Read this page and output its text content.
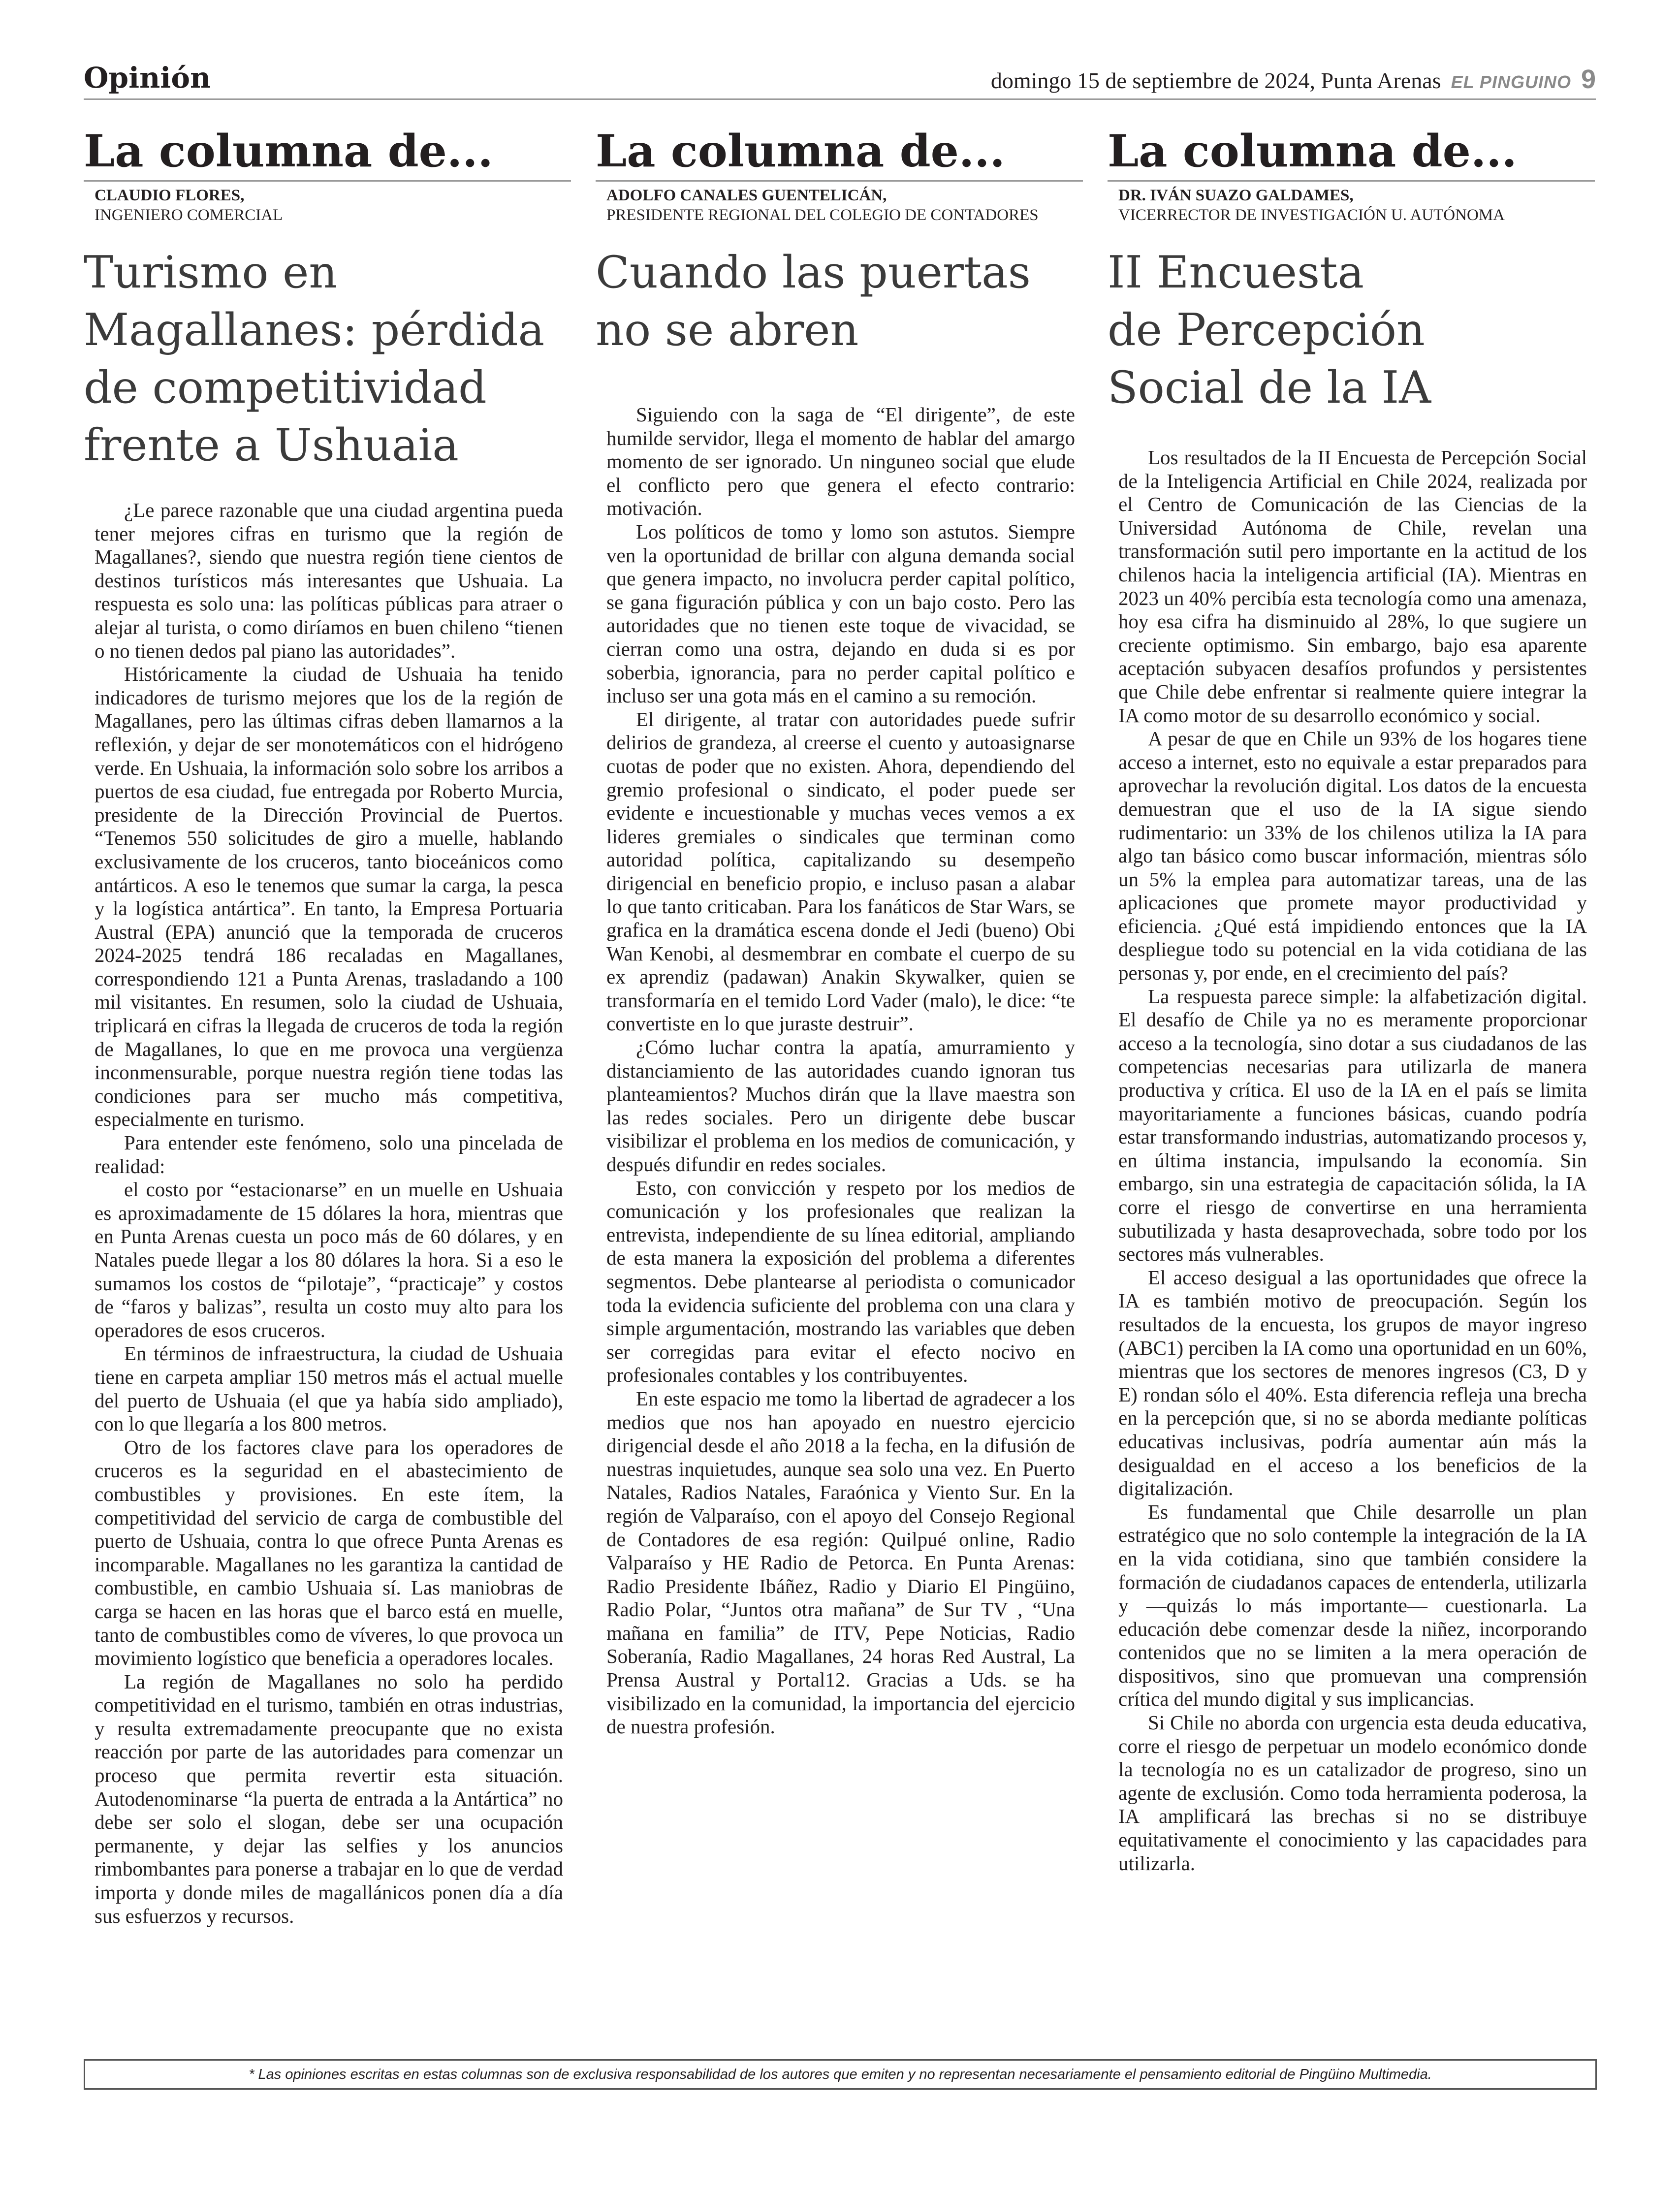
Opinión	domingo 15 de septiembre de 2024, Punta Arenas EL PINGUINO 9
La columna de...
CLAUDIO FLORES,
INGENIERO COMERCIAL
Turismo en
Magallanes: pérdida
de competitividad
frente a Ushuaia

¿Le parece razonable que una ciudad argentina pueda tener mejores cifras en turismo que la región de Magallanes?, siendo que nuestra región tiene cientos de destinos turísticos más interesantes que Ushuaia. La respuesta es solo una: las políticas públicas para atraer o alejar al turista, o como diríamos en buen chileno “tienen o no tienen dedos pal piano las autoridades”.

Históricamente la ciudad de Ushuaia ha tenido indicadores de turismo mejores que los de la región de Magallanes, pero las últimas cifras deben llamarnos a la reflexión, y dejar de ser monotemáticos con el hidrógeno verde. En Ushuaia, la información solo sobre los arribos a puertos de esa ciudad, fue entregada por Roberto Murcia, presidente de la Dirección Provincial de Puertos. “Tenemos 550 solicitudes de giro a muelle, hablando exclusivamente de los cruceros, tanto bioceánicos como antárticos. A eso le tenemos que sumar la carga, la pesca y la logística antártica”. En tanto, la Empresa Portuaria Austral (EPA) anunció que la temporada de cruceros 2024-2025 tendrá 186 recaladas en Magallanes, correspondiendo 121 a Punta Arenas, trasladando a 100 mil visitantes. En resumen, solo la ciudad de Ushuaia, triplicará en cifras la llegada de cruceros de toda la región de Magallanes, lo que en me provoca una vergüenza inconmensurable, porque nuestra región tiene todas las condiciones para ser mucho más competitiva, especialmente en turismo.

Para entender este fenómeno, solo una pincelada de realidad:

el costo por “estacionarse” en un muelle en Ushuaia es aproximadamente de 15 dólares la hora, mientras que en Punta Arenas cuesta un poco más de 60 dólares, y en Natales puede llegar a los 80 dólares la hora. Si a eso le sumamos los costos de “pilotaje”, “practicaje” y costos de “faros y balizas”, resulta un costo muy alto para los operadores de esos cruceros.

En términos de infraestructura, la ciudad de Ushuaia tiene en carpeta ampliar 150 metros más el actual muelle del puerto de Ushuaia (el que ya había sido ampliado), con lo que llegaría a los 800 metros.

Otro de los factores clave para los operadores de cruceros es la seguridad en el abastecimiento de combustibles y provisiones. En este ítem, la competitividad del servicio de carga de combustible del puerto de Ushuaia, contra lo que ofrece Punta Arenas es incomparable. Magallanes no les garantiza la cantidad de combustible, en cambio Ushuaia sí. Las maniobras de carga se hacen en las horas que el barco está en muelle, tanto de combustibles como de víveres, lo que provoca un movimiento logístico que beneficia a operadores locales.

La región de Magallanes no solo ha perdido competitividad en el turismo, también en otras industrias, y resulta extremadamente preocupante que no exista reacción por parte de las autoridades para comenzar un proceso que permita revertir esta situación. Autodenominarse “la puerta de entrada a la Antártica” no debe ser solo el slogan, debe ser una ocupación permanente, y dejar las selfies y los anuncios rimbombantes para ponerse a trabajar en lo que de verdad importa y donde miles de magallánicos ponen día a día sus esfuerzos y recursos.

La columna de...
ADOLFO CANALES GUENTELICÁN,
PRESIDENTE REGIONAL DEL COLEGIO DE CONTADORES
Cuando las puertas
no se abren

Siguiendo con la saga de “El dirigente”, de este humilde servidor, llega el momento de hablar del amargo momento de ser ignorado. Un ninguneo social que elude el conflicto pero que genera el efecto contrario: motivación.

Los políticos de tomo y lomo son astutos. Siempre ven la oportunidad de brillar con alguna demanda social que genera impacto, no involucra perder capital político, se gana figuración pública y con un bajo costo. Pero las autoridades que no tienen este toque de vivacidad, se cierran como una ostra, dejando en duda si es por soberbia, ignorancia, para no perder capital político e incluso ser una gota más en el camino a su remoción.

El dirigente, al tratar con autoridades puede sufrir delirios de grandeza, al creerse el cuento y autoasignarse cuotas de poder que no existen. Ahora, dependiendo del gremio profesional o sindicato, el poder puede ser evidente e incuestionable y muchas veces vemos a ex lideres gremiales o sindicales que terminan como autoridad política, capitalizando su desempeño dirigencial en beneficio propio, e incluso pasan a alabar lo que tanto criticaban. Para los fanáticos de Star Wars, se grafica en la dramática escena donde el Jedi (bueno) Obi Wan Kenobi, al desmembrar en combate el cuerpo de su ex aprendiz (padawan) Anakin Skywalker, quien se transformaría en el temido Lord Vader (malo), le dice: “te convertiste en lo que juraste destruir”.

¿Cómo luchar contra la apatía, amurramiento y distanciamiento de las autoridades cuando ignoran tus planteamientos? Muchos dirán que la llave maestra son las redes sociales. Pero un dirigente debe buscar visibilizar el problema en los medios de comunicación, y después difundir en redes sociales.

Esto, con convicción y respeto por los medios de comunicación y los profesionales que realizan la entrevista, independiente de su línea editorial, ampliando de esta manera la exposición del problema a diferentes segmentos. Debe plantearse al periodista o comunicador toda la evidencia suficiente del problema con una clara y simple argumentación, mostrando las variables que deben ser corregidas para evitar el efecto nocivo en profesionales contables y los contribuyentes.

En este espacio me tomo la libertad de agradecer a los medios que nos han apoyado en nuestro ejercicio dirigencial desde el año 2018 a la fecha, en la difusión de nuestras inquietudes, aunque sea solo una vez. En Puerto Natales, Radios Natales, Faraónica y Viento Sur. En la región de Valparaíso, con el apoyo del Consejo Regional de Contadores de esa región: Quilpué online, Radio Valparaíso y HE Radio de Petorca. En Punta Arenas: Radio Presidente Ibáñez, Radio y Diario El Pingüino, Radio Polar, “Juntos otra mañana” de Sur TV , “Una mañana en familia” de ITV, Pepe Noticias, Radio Soberanía, Radio Magallanes, 24 horas Red Austral, La Prensa Austral y Portal12. Gracias a Uds. se ha visibilizado en la comunidad, la importancia del ejercicio de nuestra profesión.

La columna de...
DR. IVÁN SUAZO GALDAMES,
VICERRECTOR DE INVESTIGACIÓN U. AUTÓNOMA
II Encuesta
de Percepción
Social de la IA

Los resultados de la II Encuesta de Percepción Social de la Inteligencia Artificial en Chile 2024, realizada por el Centro de Comunicación de las Ciencias de la Universidad Autónoma de Chile, revelan una transformación sutil pero importante en la actitud de los chilenos hacia la inteligencia artificial (IA). Mientras en 2023 un 40% percibía esta tecnología como una amenaza, hoy esa cifra ha disminuido al 28%, lo que sugiere un creciente optimismo. Sin embargo, bajo esa aparente aceptación subyacen desafíos profundos y persistentes que Chile debe enfrentar si realmente quiere integrar la IA como motor de su desarrollo económico y social.

A pesar de que en Chile un 93% de los hogares tiene acceso a internet, esto no equivale a estar preparados para aprovechar la revolución digital. Los datos de la encuesta demuestran que el uso de la IA sigue siendo rudimentario: un 33% de los chilenos utiliza la IA para algo tan básico como buscar información, mientras sólo un 5% la emplea para automatizar tareas, una de las aplicaciones que promete mayor productividad y eficiencia. ¿Qué está impidiendo entonces que la IA despliegue todo su potencial en la vida cotidiana de las personas y, por ende, en el crecimiento del país?

La respuesta parece simple: la alfabetización digital. El desafío de Chile ya no es meramente proporcionar acceso a la tecnología, sino dotar a sus ciudadanos de las competencias necesarias para utilizarla de manera productiva y crítica. El uso de la IA en el país se limita mayoritariamente a funciones básicas, cuando podría estar transformando industrias, automatizando procesos y, en última instancia, impulsando la economía. Sin embargo, sin una estrategia de capacitación sólida, la IA corre el riesgo de convertirse en una herramienta subutilizada y hasta desaprovechada, sobre todo por los sectores más vulnerables.

El acceso desigual a las oportunidades que ofrece la IA es también motivo de preocupación. Según los resultados de la encuesta, los grupos de mayor ingreso (ABC1) perciben la IA como una oportunidad en un 60%, mientras que los sectores de menores ingresos (C3, D y E) rondan sólo el 40%. Esta diferencia refleja una brecha en la percepción que, si no se aborda mediante políticas educativas inclusivas, podría aumentar aún más la desigualdad en el acceso a los beneficios de la digitalización.

Es fundamental que Chile desarrolle un plan estratégico que no solo contemple la integración de la IA en la vida cotidiana, sino que también considere la formación de ciudadanos capaces de entenderla, utilizarla y —quizás lo más importante— cuestionarla. La educación debe comenzar desde la niñez, incorporando contenidos que no se limiten a la mera operación de dispositivos, sino que promuevan una comprensión crítica del mundo digital y sus implicancias.

Si Chile no aborda con urgencia esta deuda educativa, corre el riesgo de perpetuar un modelo económico donde la tecnología no es un catalizador de progreso, sino un agente de exclusión. Como toda herramienta poderosa, la IA amplificará las brechas si no se distribuye equitativamente el conocimiento y las capacidades para utilizarla.

* Las opiniones escritas en estas columnas son de exclusiva responsabilidad de los autores que emiten y no representan necesariamente el pensamiento editorial de Pingüino Multimedia.
